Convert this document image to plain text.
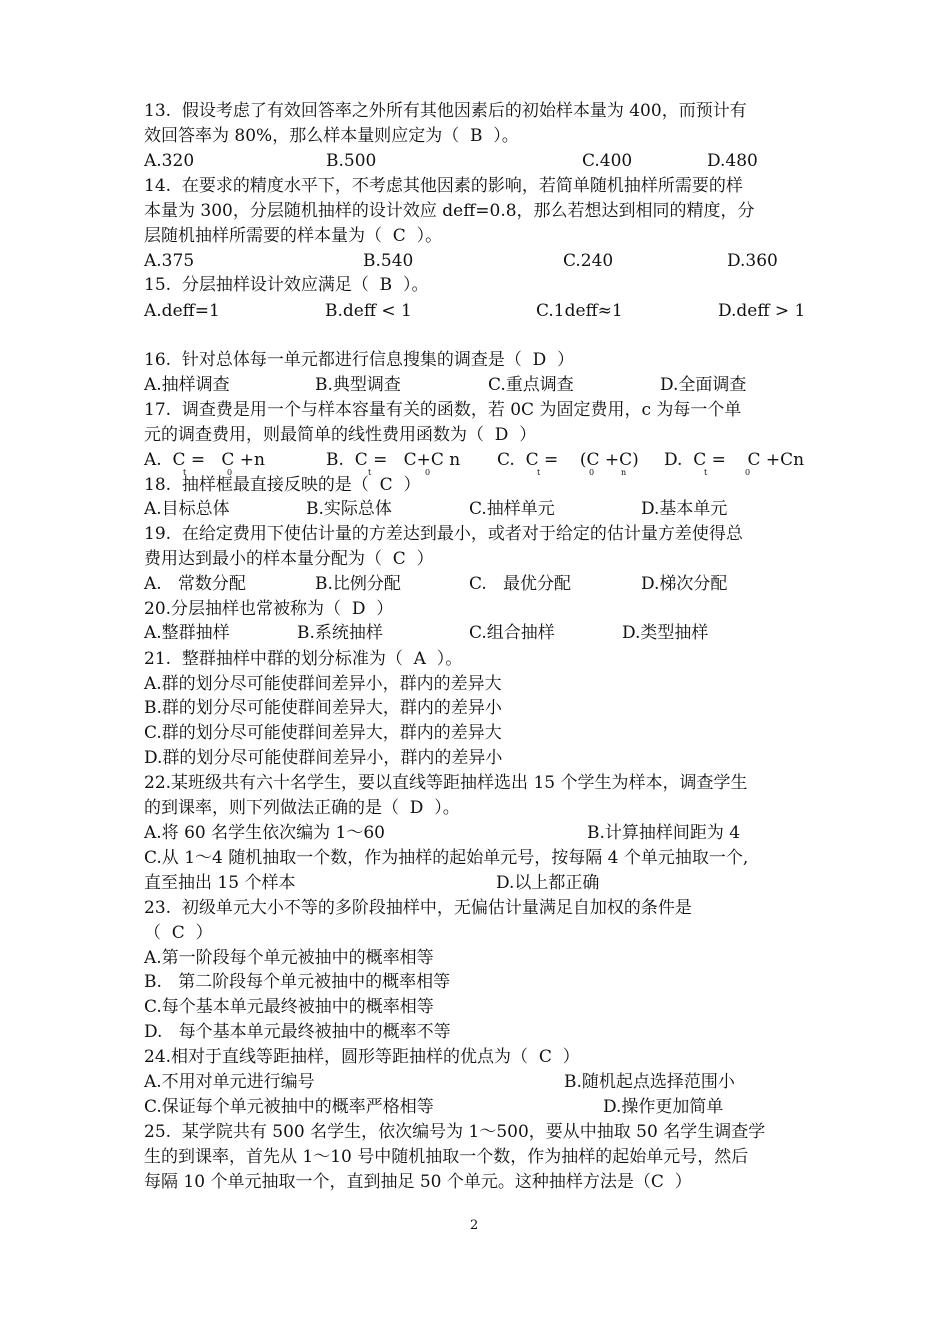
13.  假设考虑了有效回答率之外所有其他因素后的初始样本量为 400，而预计有
效回答率为 80%，那么样本量则应定为（  B  ）。
A.320	B.500	C.400	D.480
14.  在要求的精度水平下，不考虑其他因素的影响，若简单随机抽样所需要的样
本量为 300，分层随机抽样的设计效应 deff=0.8，那么若想达到相同的精度，分
层随机抽样所需要的样本量为（  C  ）。
A.375	B.540	C.240	D.360
15.  分层抽样设计效应满足（  B  ）。
A.deff=1	B.deff < 1	C.1deff≈1	D.deff > 1
16.  针对总体每一单元都进行信息搜集的调查是（  D  ）
A.抽样调查	B.典型调查	C.重点调查	D.全面调查
17.  调查费是用一个与样本容量有关的函数，若 0C 为固定费用，c 为每一个单
元的调查费用，则最简单的线性费用函数为（  D  ）
A.  C =   C +n	B.  C =   C+C n C.  C =    (C +C) D.  C =    C +Cn
t	0	t	0	t	0	n	t	0
18.  抽样框最直接反映的是（  C  ）
A.目标总体	B.实际总体	C.抽样单元	D.基本单元
19.  在给定费用下使估计量的方差达到最小，或者对于给定的估计量方差使得总
费用达到最小的样本量分配为（  C  ）
A.   常数分配	B.比例分配	C.   最优分配	D.梯次分配
20.分层抽样也常被称为（  D  ）
A.整群抽样	B.系统抽样	C.组合抽样	D.类型抽样
21.  整群抽样中群的划分标准为（  A  ）。
A.群的划分尽可能使群间差异小，群内的差异大
B.群的划分尽可能使群间差异大，群内的差异小
C.群的划分尽可能使群间差异大，群内的差异大
D.群的划分尽可能使群间差异小，群内的差异小
22.某班级共有六十名学生，要以直线等距抽样选出 15 个学生为样本，调查学生
的到课率，则下列做法正确的是（  D  ）。
A.将 60 名学生依次编为 1～60	B.计算抽样间距为 4
C.从 1～4 随机抽取一个数，作为抽样的起始单元号，按每隔 4 个单元抽取一个,
直至抽出 15 个样本	D.以上都正确
23.  初级单元大小不等的多阶段抽样中，无偏估计量满足自加权的条件是
（  C  ）
A.第一阶段每个单元被抽中的概率相等
B.   第二阶段每个单元被抽中的概率相等
C.每个基本单元最终被抽中的概率相等
D.   每个基本单元最终被抽中的概率不等
24.相对于直线等距抽样，圆形等距抽样的优点为（  C  ）
A.不用对单元进行编号	B.随机起点选择范围小
C.保证每个单元被抽中的概率严格相等	D.操作更加简单
25.  某学院共有 500 名学生，依次编号为 1～500，要从中抽取 50 名学生调查学
生的到课率，首先从 1～10 号中随机抽取一个数，作为抽样的起始单元号，然后
每隔 10 个单元抽取一个，直到抽足 50 个单元。这种抽样方法是（C  ）
2
